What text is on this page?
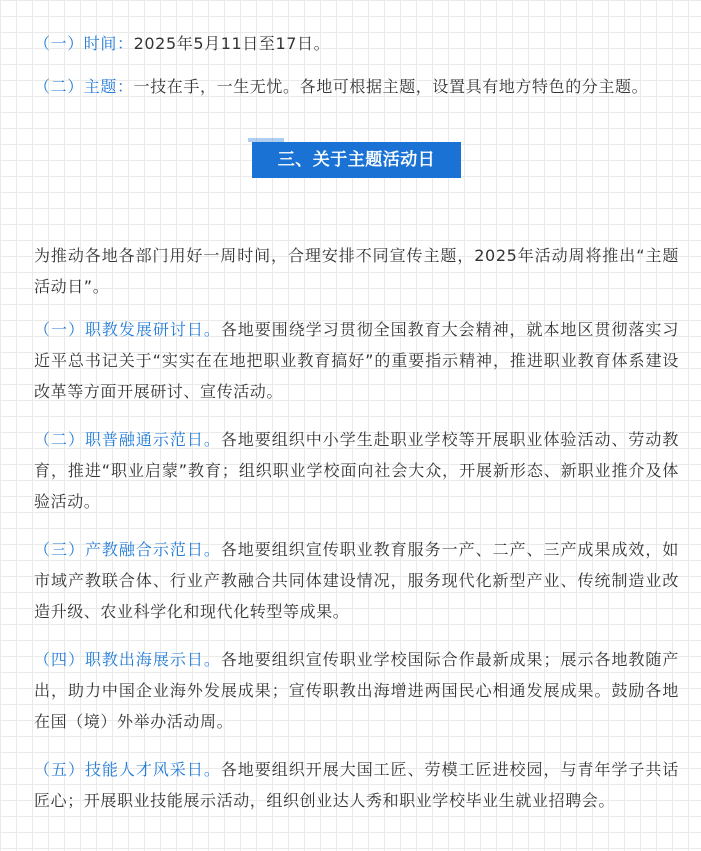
（一）时间：2025年5月11日至17日。

（二）主题：一技在手，一生无忧。各地可根据主题，设置具有地方特色的分主题。

三、关于主题活动日

为推动各地各部门用好一周时间，合理安排不同宣传主题，2025年活动周将推出“主题活动日”。

（一）职教发展研讨日。各地要围绕学习贯彻全国教育大会精神，就本地区贯彻落实习近平总书记关于“实实在在地把职业教育搞好”的重要指示精神，推进职业教育体系建设改革等方面开展研讨、宣传活动。

（二）职普融通示范日。各地要组织中小学生赴职业学校等开展职业体验活动、劳动教育，推进“职业启蒙”教育；组织职业学校面向社会大众，开展新形态、新职业推介及体验活动。

（三）产教融合示范日。各地要组织宣传职业教育服务一产、二产、三产成果成效，如市域产教联合体、行业产教融合共同体建设情况，服务现代化新型产业、传统制造业改造升级、农业科学化和现代化转型等成果。

（四）职教出海展示日。各地要组织宣传职业学校国际合作最新成果；展示各地教随产出，助力中国企业海外发展成果；宣传职教出海增进两国民心相通发展成果。鼓励各地在国（境）外举办活动周。

（五）技能人才风采日。各地要组织开展大国工匠、劳模工匠进校园，与青年学子共话匠心；开展职业技能展示活动，组织创业达人秀和职业学校毕业生就业招聘会。
